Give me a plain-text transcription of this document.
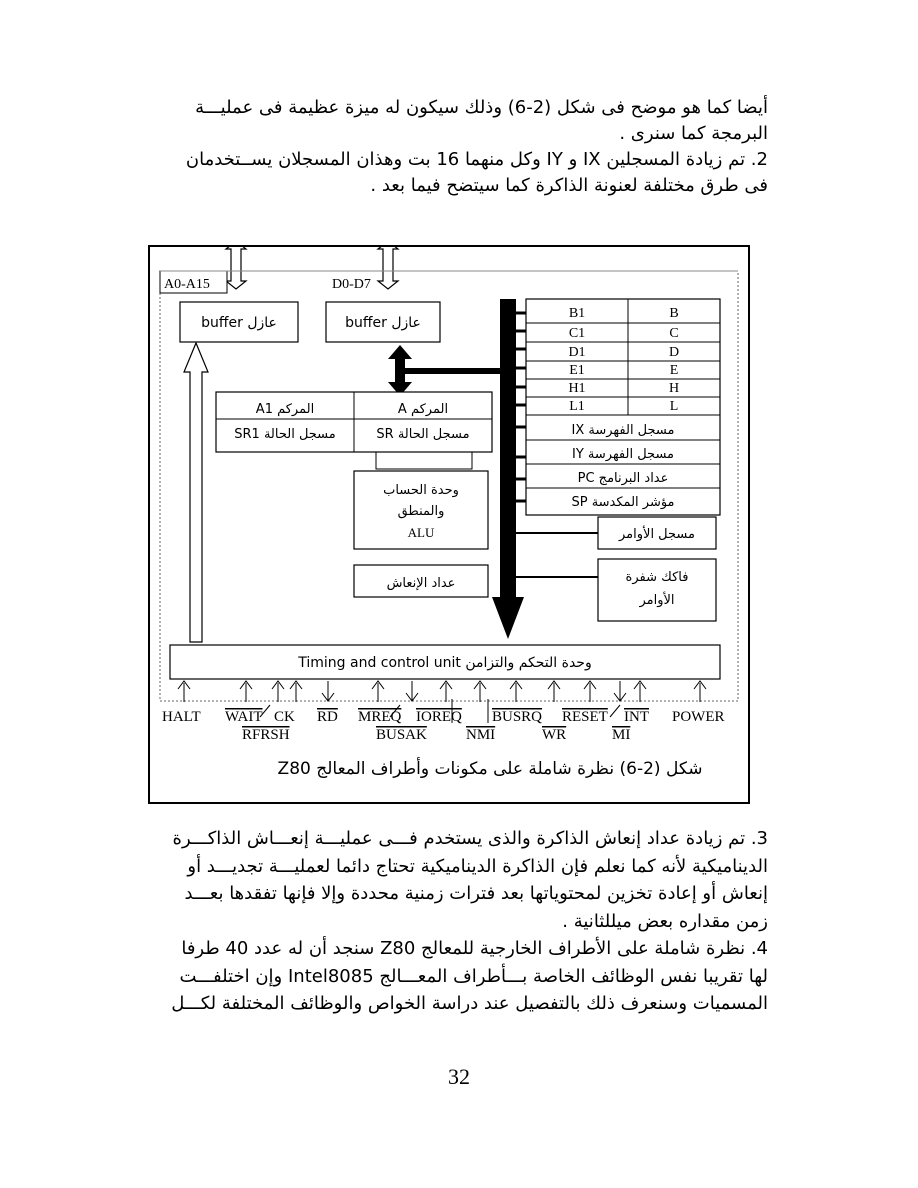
أيضا كما هو موضح فى شكل (2-6) وذلك سيكون له ميزة عظيمة فى عمليـــة
البرمجة كما سنرى .
2. تم زيادة المسجلين IX و IY وكل منهما 16 بت وهذان المسجلان يســتخدمان
فى طرق مختلفة لعنونة الذاكرة كما سيتضح فيما بعد .
A0-A15	D0-D7
buffer عازل	buffer عازل
B1	B
C1	C
D1	D
E1	E
H1	H
L1	L
IX مسجل الفهرسة
IY مسجل الفهرسة
PC عداد البرنامج
SP مؤشر المكدسة
A1 المركم	A المركم
SR1 مسجل الحالة	SR مسجل الحالة
وحدة الحساب
والمنطق
ALU
عداد الإنعاش
مسجل الأوامر
فاكك شفرة
الأوامر
Timing and control unit وحدة التحكم والتزامن
HALT WAIT CK RD MREQ IOREQ BUSRQ RESET INT POWER
RFRSH	BUSAK	NMI	WR	MI
شكل (2-6) نظرة شاملة على مكونات وأطراف المعالج Z80
3. تم زيادة عداد إنعاش الذاكرة والذى يستخدم فـــى عمليـــة إنعـــاش الذاكـــرة
الديناميكية لأنه كما نعلم فإن الذاكرة الديناميكية تحتاج دائما لعمليـــة تجديـــد أو
إنعاش أو إعادة تخزين لمحتوياتها بعد فترات زمنية محددة وإلا فإنها تفقدها بعـــد
زمن مقداره بعض ميللثانية .
4. نظرة شاملة على الأطراف الخارجية للمعالج Z80 سنجد أن له عدد 40 طرفا
لها تقريبا نفس الوظائف الخاصة بـــأطراف المعـــالج Intel8085 وإن اختلفـــت
المسميات وسنعرف ذلك بالتفصيل عند دراسة الخواص والوظائف المختلفة لكـــل
32
